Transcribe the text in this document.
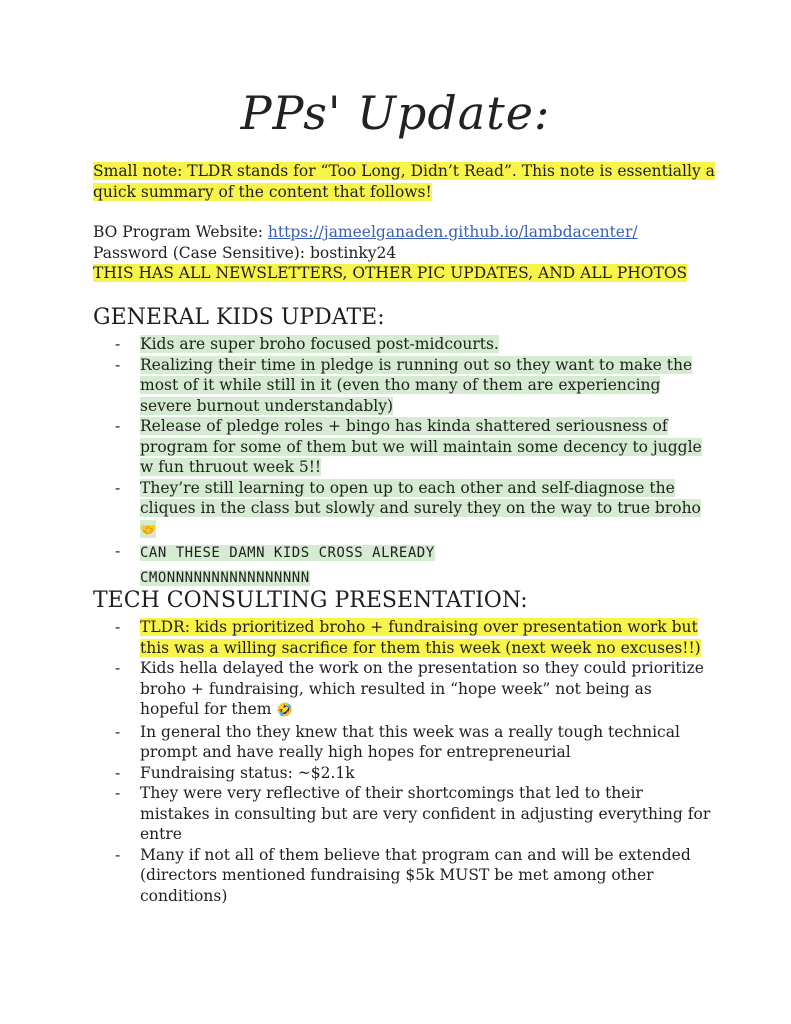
PPs' Update:
Small note: TLDR stands for “Too Long, Didn’t Read”. This note is essentially a
quick summary of the content that follows!
BO Program Website: https://jameelganaden.github.io/lambdacenter/
Password (Case Sensitive): bostinky24
THIS HAS ALL NEWSLETTERS, OTHER PIC UPDATES, AND ALL PHOTOS
GENERAL KIDS UPDATE:
- Kids are super broho focused post-midcourts.
- Realizing their time in pledge is running out so they want to make the most of it while still in it (even tho many of them are experiencing severe burnout understandably)
- Release of pledge roles + bingo has kinda shattered seriousness of program for some of them but we will maintain some decency to juggle w fun thruout week 5!!
- They’re still learning to open up to each other and self-diagnose the cliques in the class but slowly and surely they on the way to true broho 🤝
- CAN THESE DAMN KIDS CROSS ALREADY CMONNNNNNNNNNNNNNNN
TECH CONSULTING PRESENTATION:
- TLDR: kids prioritized broho + fundraising over presentation work but this was a willing sacrifice for them this week (next week no excuses!!)
- Kids hella delayed the work on the presentation so they could prioritize broho + fundraising, which resulted in “hope week” not being as hopeful for them 🤣
- In general tho they knew that this week was a really tough technical prompt and have really high hopes for entrepreneurial
- Fundraising status: ~$2.1k
- They were very reflective of their shortcomings that led to their mistakes in consulting but are very confident in adjusting everything for entre
- Many if not all of them believe that program can and will be extended (directors mentioned fundraising $5k MUST be met among other conditions)
